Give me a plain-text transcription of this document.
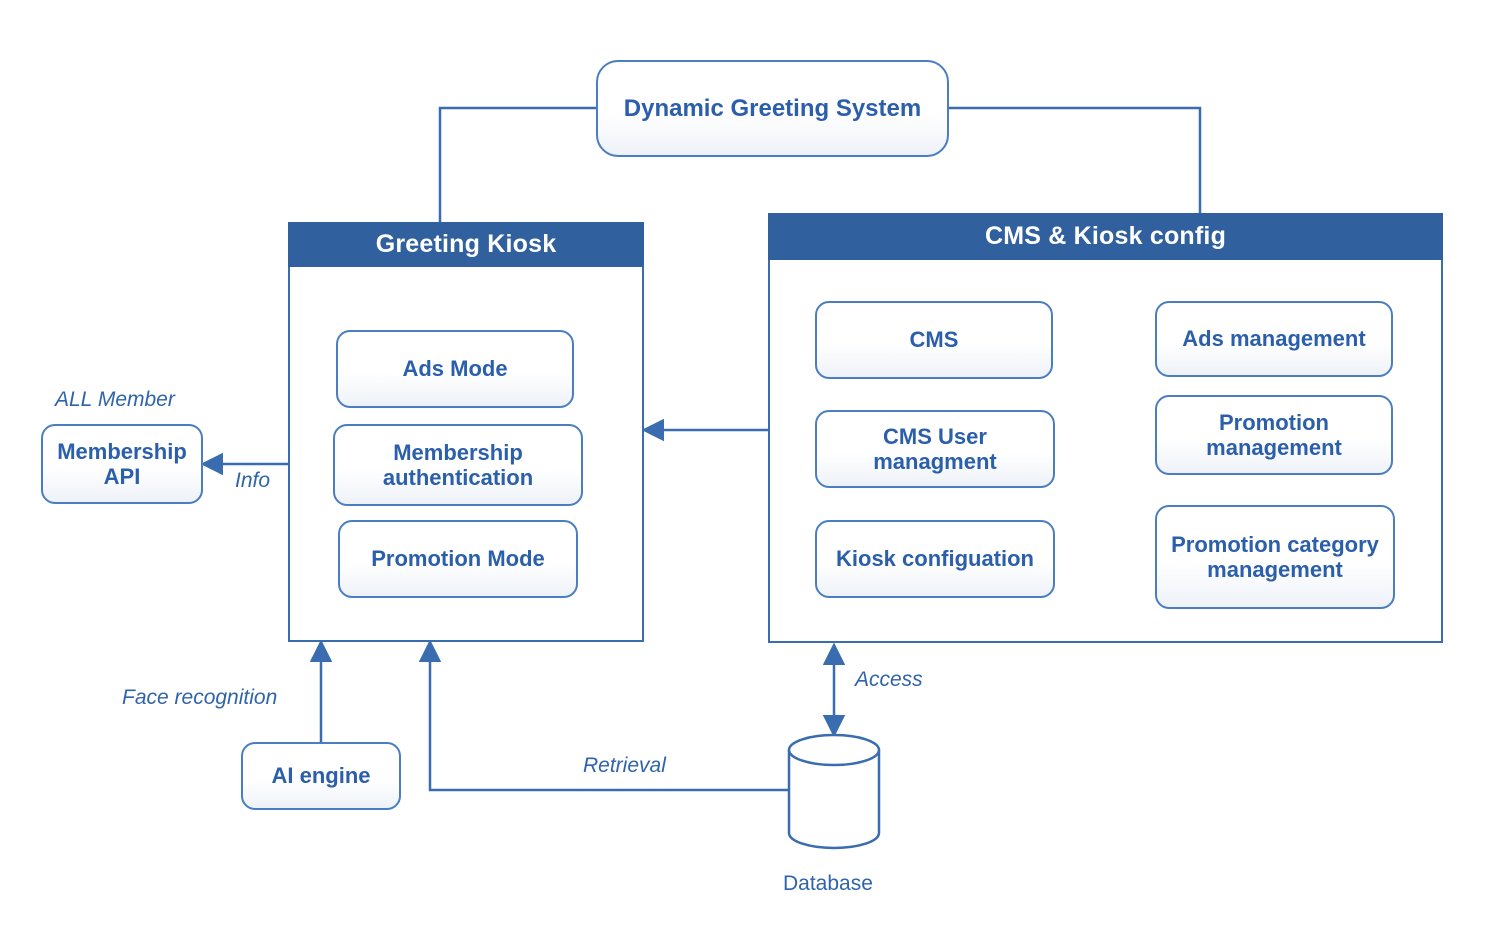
Dynamic Greeting System
Greeting Kiosk
Ads Mode
Membership authentication
Promotion Mode
CMS & Kiosk config
CMS
CMS User managment
Kiosk configuation
Ads management
Promotion management
Promotion category management
Membership API
AI engine
ALL Member
Info
Face recognition
Retrieval
Access
Database
